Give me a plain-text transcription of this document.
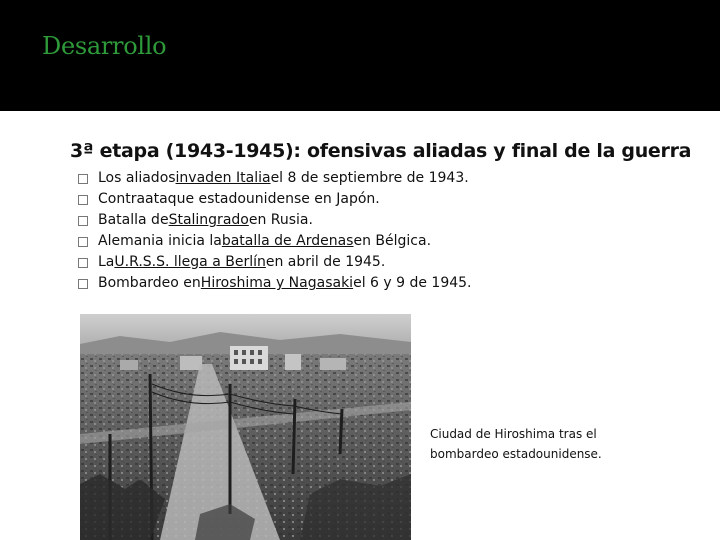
Desarrollo
3ª etapa (1943-1945): ofensivas aliadas y final de la guerra
Los aliados invaden Italia el 8 de septiembre de 1943.
Contraataque estadounidense en Japón.
Batalla de Stalingrado en Rusia.
Alemania inicia la batalla de Ardenas en Bélgica.
La U.R.S.S. llega a Berlín en abril de 1945.
Bombardeo en Hiroshima y Nagasaki el 6 y 9 de 1945.
Ciudad de Hiroshima tras el bombardeo estadounidense.
